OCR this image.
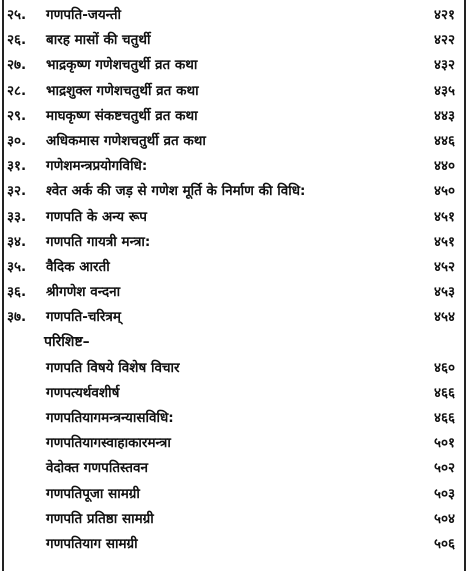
२५.	गणपति-जयन्ती	४२१
२६.	बारह मासों की चतुर्थी	४२२
२७.	भाद्रकृष्ण गणेशचतुर्थी व्रत कथा	४३२
२८.	भाद्रशुक्ल गणेशचतुर्थी व्रत कथा	४३५
२९.	माघकृष्ण संकष्टचतुर्थी व्रत कथा	४४३
३०.	अधिकमास गणेशचतुर्थी व्रत कथा	४४६
३१.	गणेशमन्त्रप्रयोगविधि:	४४०
३२.	श्वेत अर्क की जड़ से गणेश मूर्ति के निर्माण की विधि:	४५०
३३.	गणपति के अन्य रूप	४५१
३४.	गणपति गायत्री मन्त्रा:	४५१
३५.	वैदिक आरती	४५२
३६.	श्रीगणेश वन्दना	४५३
३७.	गणपति-चरित्रम्	४५४
परिशिष्ट–
गणपति विषये विशेष विचार	४६०
गणपत्यर्थवशीर्ष	४६६
गणपतियागमन्त्रन्यासविधि:	४६६
गणपतियागस्वाहाकारमन्त्रा	५०१
वेदोक्त गणपतिस्तवन	५०२
गणपतिपूजा सामग्री	५०३
गणपति प्रतिष्ठा सामग्री	५०४
गणपतियाग सामग्री	५०६
